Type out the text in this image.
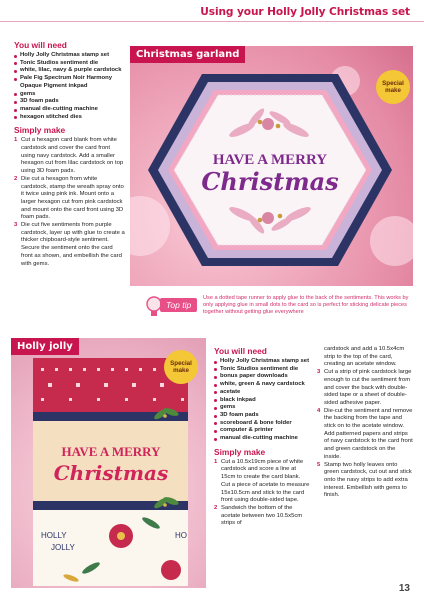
Using your Holly Jolly Christmas set
You will need
Holly Jolly Christmas stamp set
Tonic Studios sentiment die
white, lilac, navy & purple cardstock
Pale Fig Spectrum Noir Harmony Opaque Pigment inkpad
gems
3D foam pads
manual die-cutting machine
hexagon stitched dies
Simply make
1 Cut a hexagon card blank from white cardstock and cover the card front using navy cardstock. Add a smaller hexagon cut from lilac cardstock on top using 3D foam pads.
2 Die cut a hexagon from white cardstock, stamp the wreath spray onto it twice using pink ink. Mount onto a larger hexagon cut from pink cardstock and mount onto the card front using 3D foam pads.
3 Die cut five sentiments from purple cardstock, layer up with glue to create a thicker chipboard-style sentiment. Secure the sentiment onto the card front as shown, and embellish the card with gems.
HAVE A MERRY
Christmas
Christmas garland
Special make
Top tip
Use a dotted tape runner to apply glue to the back of the sentiments. This works by only applying glue in small dots to the card so is perfect for sticking delicate pieces together without getting glue everywhere
HAVE A MERRY
Christmas
HOLLY
JOLLY
HO
Holly jolly
Special make
You will need
Holly Jolly Christmas stamp set
Tonic Studios sentiment die
bonus paper downloads
white, green & navy cardstock
acetate
black inkpad
gems
3D foam pads
scoreboard & bone folder
computer & printer
manual die-cutting machine
Simply make
1 Cut a 10.5x19cm piece of white cardstock and score a line at 15cm to create the card blank. Cut a piece of acetate to measure 15x10.5cm and stick to the card front using double-sided tape.
2 Sandwich the bottom of the acetate between two 10.5x5cm strips of
cardstock and add a 10.5x4cm strip to the top of the card, creating an acetate window.
3 Cut a strip of pink cardstock large enough to cut the sentiment from and cover the back with double-sided tape or a sheet of double-sided adhesive paper.
4 Die-cut the sentiment and remove the backing from the tape and stick on to the acetate window. Add patterned papers and strips of navy cardstock to the card front and green cardstock on the inside.
5 Stamp two holly leaves onto green cardstock, cut out and stick onto the navy strips to add extra interest. Embellish with gems to finish.
13
